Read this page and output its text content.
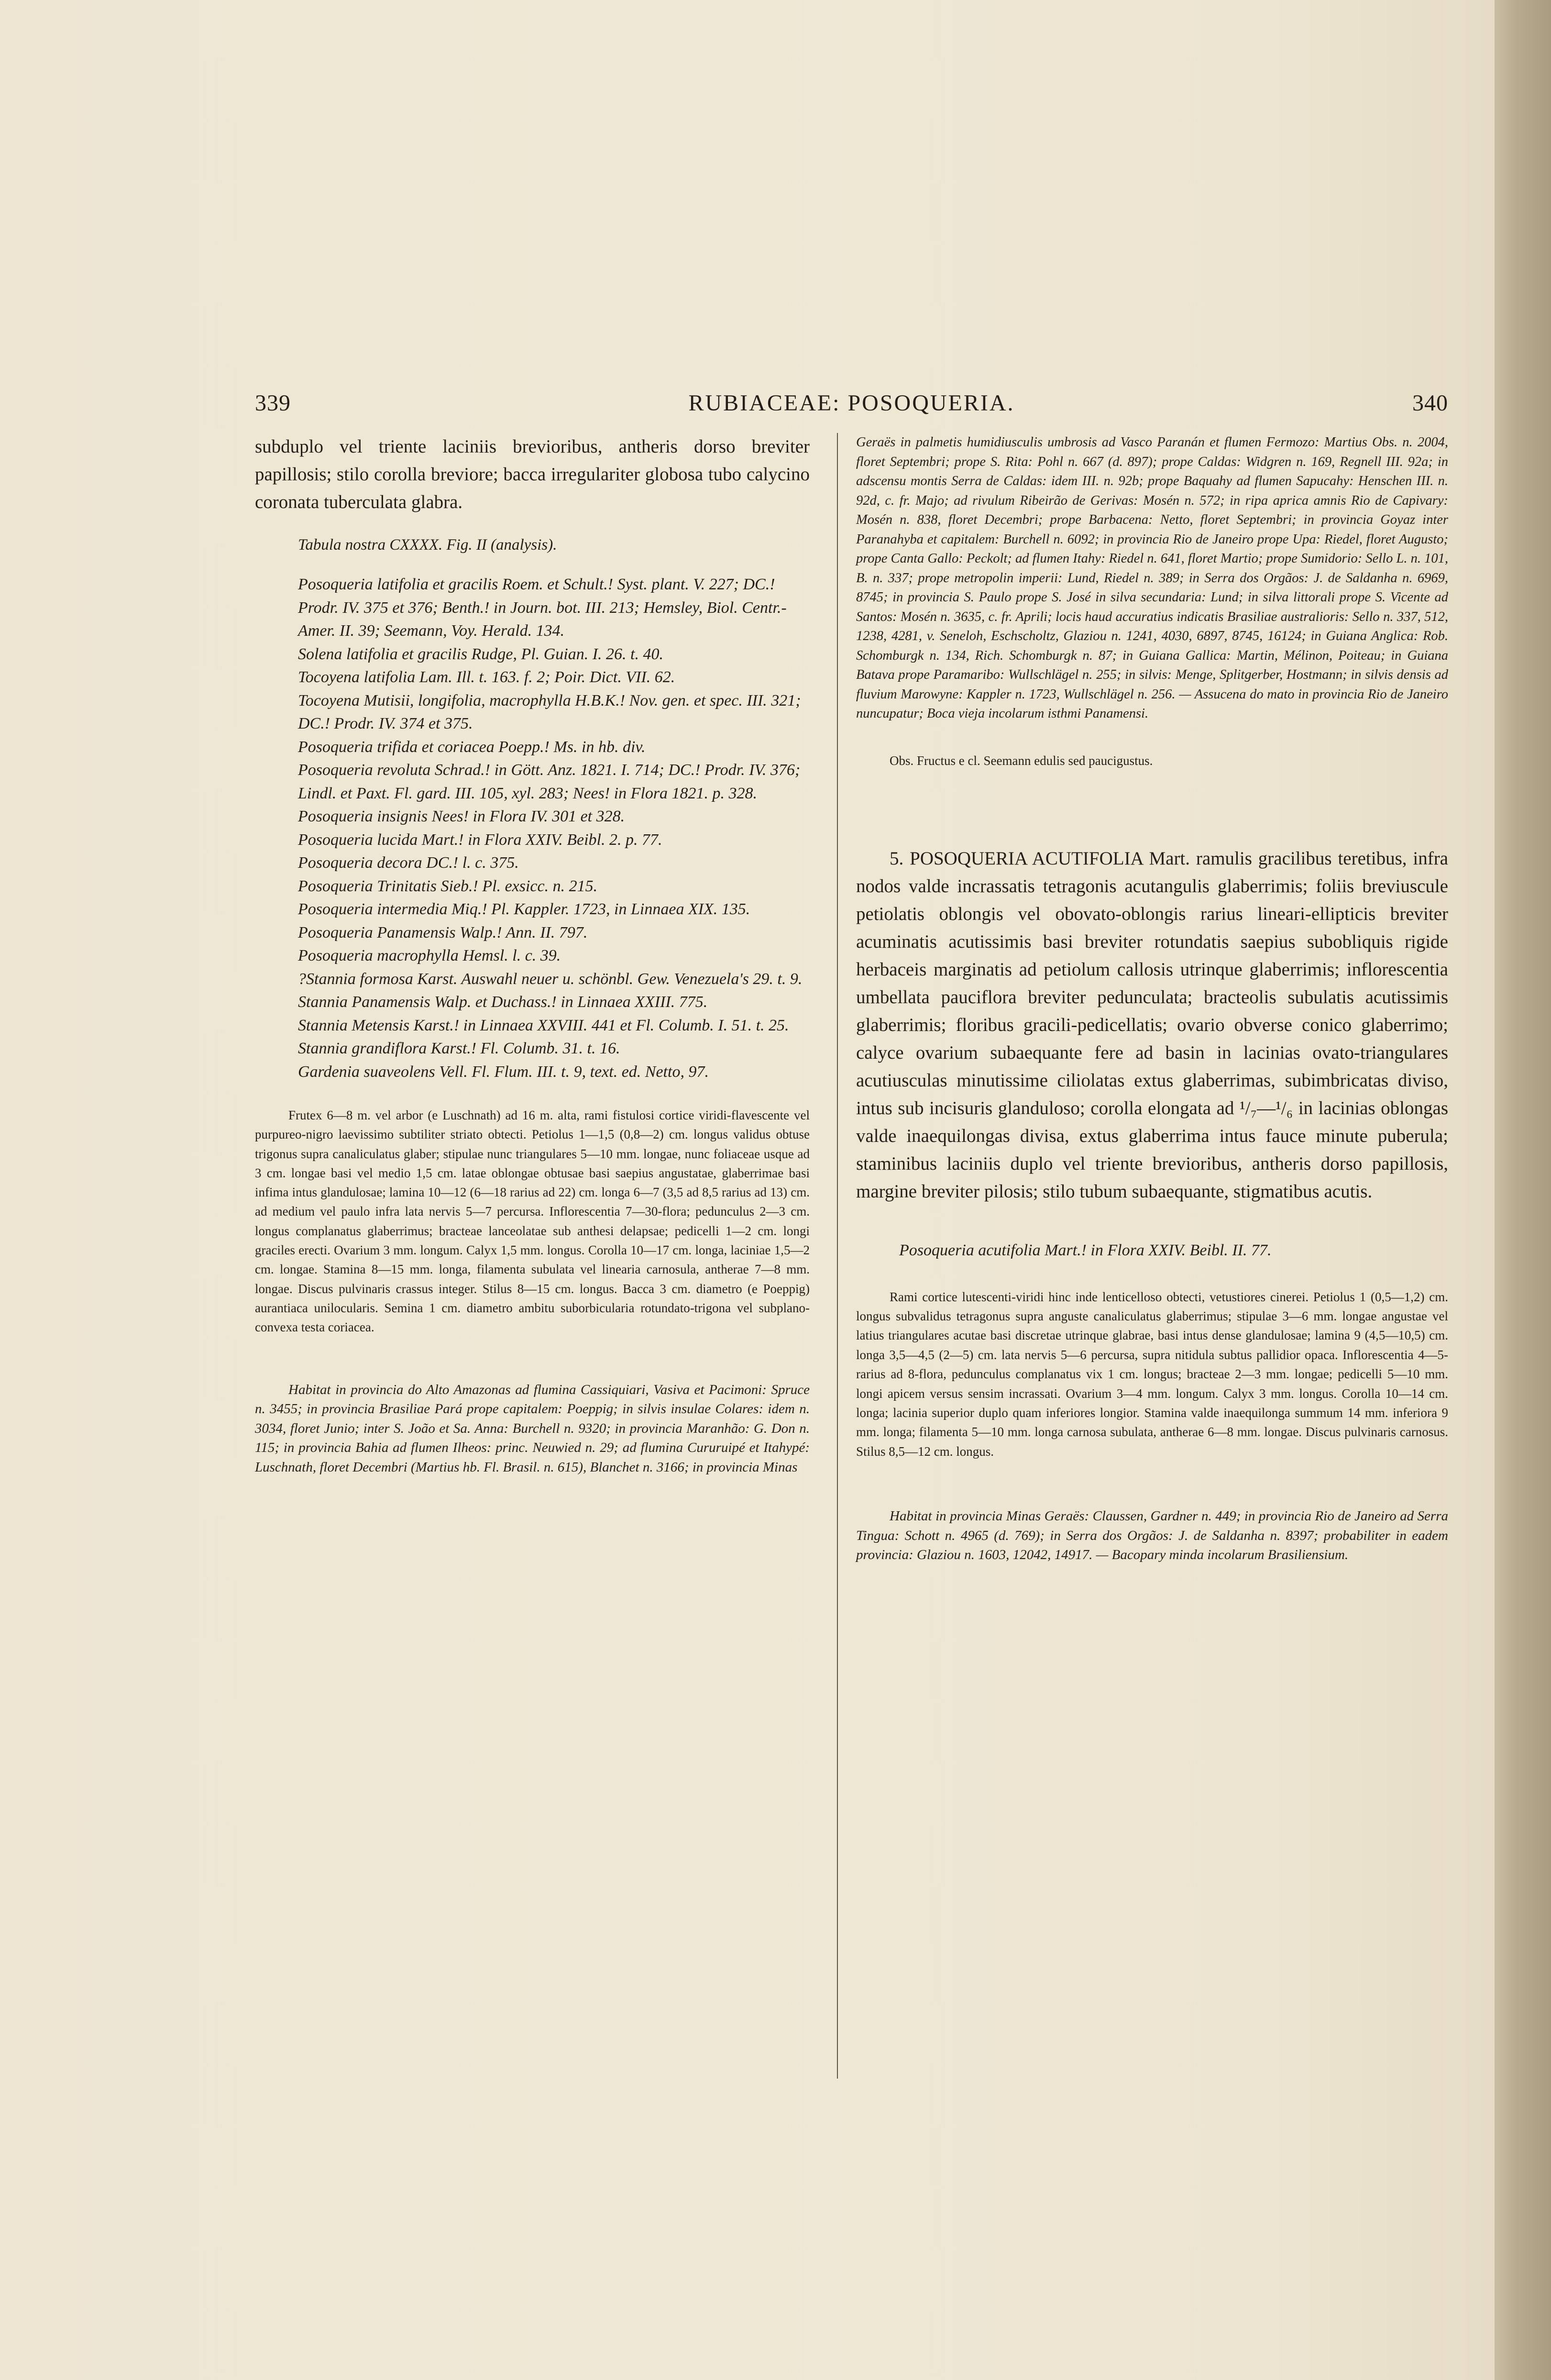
339	RUBIACEAE: POSOQUERIA.	340

subduplo vel triente laciniis brevioribus, antheris dorso breviter papillosis; stilo corolla breviore; bacca irregulariter globosa tubo calycino coronata tuberculata glabra.

Tabula nostra CXXXX. Fig. II (analysis).

Posoqueria latifolia et gracilis Roem. et Schult.! Syst. plant. V. 227; DC.! Prodr. IV. 375 et 376; Benth.! in Journ. bot. III. 213; Hemsley, Biol. Centr.-Amer. II. 39; Seemann, Voy. Herald. 134.
Solena latifolia et gracilis Rudge, Pl. Guian. I. 26. t. 40.
Tocoyena latifolia Lam. Ill. t. 163. f. 2; Poir. Dict. VII. 62.
Tocoyena Mutisii, longifolia, macrophylla H.B.K.! Nov. gen. et spec. III. 321; DC.! Prodr. IV. 374 et 375.
Posoqueria trifida et coriacea Poepp.! Ms. in hb. div.
Posoqueria revoluta Schrad.! in Gött. Anz. 1821. I. 714; DC.! Prodr. IV. 376; Lindl. et Paxt. Fl. gard. III. 105, xyl. 283; Nees! in Flora 1821. p. 328.
Posoqueria insignis Nees! in Flora IV. 301 et 328.
Posoqueria lucida Mart.! in Flora XXIV. Beibl. 2. p. 77.
Posoqueria decora DC.! l. c. 375.
Posoqueria Trinitatis Sieb.! Pl. exsicc. n. 215.
Posoqueria intermedia Miq.! Pl. Kappler. 1723, in Linnaea XIX. 135.
Posoqueria Panamensis Walp.! Ann. II. 797.
Posoqueria macrophylla Hemsl. l. c. 39.
?Stannia formosa Karst. Auswahl neuer u. schönbl. Gew. Venezuela's 29. t. 9.
Stannia Panamensis Walp. et Duchass.! in Linnaea XXIII. 775.
Stannia Metensis Karst.! in Linnaea XXVIII. 441 et Fl. Columb. I. 51. t. 25.
Stannia grandiflora Karst.! Fl. Columb. 31. t. 16.
Gardenia suaveolens Vell. Fl. Flum. III. t. 9, text. ed. Netto, 97.

Frutex 6—8 m. vel arbor (e Luschnath) ad 16 m. alta, rami fistulosi cortice viridi-flavescente vel purpureo-nigro laevissimo subtiliter striato obtecti. Petiolus 1—1,5 (0,8—2) cm. longus validus obtuse trigonus supra canaliculatus glaber; stipulae nunc triangulares 5—10 mm. longae, nunc foliaceae usque ad 3 cm. longae basi vel medio 1,5 cm. latae oblongae obtusae basi saepius angustatae, glaberrimae basi infima intus glandulosae; lamina 10—12 (6—18 rarius ad 22) cm. longa 6—7 (3,5 ad 8,5 rarius ad 13) cm. ad medium vel paulo infra lata nervis 5—7 percursa. Inflorescentia 7—30-flora; pedunculus 2—3 cm. longus complanatus glaberrimus; bracteae lanceolatae sub anthesi delapsae; pedicelli 1—2 cm. longi graciles erecti. Ovarium 3 mm. longum. Calyx 1,5 mm. longus. Corolla 10—17 cm. longa, laciniae 1,5—2 cm. longae. Stamina 8—15 mm. longa, filamenta subulata vel linearia carnosula, antherae 7—8 mm. longae. Discus pulvinaris crassus integer. Stilus 8—15 cm. longus. Bacca 3 cm. diametro (e Poeppig) aurantiaca unilocularis. Semina 1 cm. diametro ambitu suborbicularia rotundato-trigona vel subplano-convexa testa coriacea.

Habitat in provincia do Alto Amazonas ad flumina Cassiquiari, Vasiva et Pacimoni: Spruce n. 3455; in provincia Brasiliae Pará prope capitalem: Poeppig; in silvis insulae Colares: idem n. 3034, floret Junio; inter S. João et Sa. Anna: Burchell n. 9320; in provincia Maranhão: G. Don n. 115; in provincia Bahia ad flumen Ilheos: princ. Neuwied n. 29; ad flumina Cururuipé et Itahypé: Luschnath, floret Decembri (Martius hb. Fl. Brasil. n. 615), Blanchet n. 3166; in provincia Minas

Geraës in palmetis humidiusculis umbrosis ad Vasco Paranán et flumen Fermozo: Martius Obs. n. 2004, floret Septembri; prope S. Rita: Pohl n. 667 (d. 897); prope Caldas: Widgren n. 169, Regnell III. 92a; in adscensu montis Serra de Caldas: idem III. n. 92b; prope Baquahy ad flumen Sapucahy: Henschen III. n. 92d, c. fr. Majo; ad rivulum Ribeirão de Gerivas: Mosén n. 572; in ripa aprica amnis Rio de Capivary: Mosén n. 838, floret Decembri; prope Barbacena: Netto, floret Septembri; in provincia Goyaz inter Paranahyba et capitalem: Burchell n. 6092; in provincia Rio de Janeiro prope Upa: Riedel, floret Augusto; prope Canta Gallo: Peckolt; ad flumen Itahy: Riedel n. 641, floret Martio; prope Sumidorio: Sello L. n. 101, B. n. 337; prope metropolin imperii: Lund, Riedel n. 389; in Serra dos Orgãos: J. de Saldanha n. 6969, 8745; in provincia S. Paulo prope S. José in silva secundaria: Lund; in silva littorali prope S. Vicente ad Santos: Mosén n. 3635, c. fr. Aprili; locis haud accuratius indicatis Brasiliae australioris: Sello n. 337, 512, 1238, 4281, v. Seneloh, Eschscholtz, Glaziou n. 1241, 4030, 6897, 8745, 16124; in Guiana Anglica: Rob. Schomburgk n. 134, Rich. Schomburgk n. 87; in Guiana Gallica: Martin, Mélinon, Poiteau; in Guiana Batava prope Paramaribo: Wullschlägel n. 255; in silvis: Menge, Splitgerber, Hostmann; in silvis densis ad fluvium Marowyne: Kappler n. 1723, Wullschlägel n. 256. — Assucena do mato in provincia Rio de Janeiro nuncupatur; Boca vieja incolarum isthmi Panamensi.

Obs. Fructus e cl. Seemann edulis sed paucigustus.

5. POSOQUERIA ACUTIFOLIA Mart. ramulis gracilibus teretibus, infra nodos valde incrassatis tetragonis acutangulis glaberrimis; foliis breviuscule petiolatis oblongis vel obovato-oblongis rarius lineari-ellipticis breviter acuminatis acutissimis basi breviter rotundatis saepius subobliquis rigide herbaceis marginatis ad petiolum callosis utrinque glaberrimis; inflorescentia umbellata pauciflora breviter pedunculata; bracteolis subulatis acutissimis glaberrimis; floribus gracili-pedicellatis; ovario obverse conico glaberrimo; calyce ovarium subaequante fere ad basin in lacinias ovato-triangulares acutiusculas minutissime ciliolatas extus glaberrimas, subimbricatas diviso, intus sub incisuris glanduloso; corolla elongata ad ¹/₇—¹/₆ in lacinias oblongas valde inaequilongas divisa, extus glaberrima intus fauce minute puberula; staminibus laciniis duplo vel triente brevioribus, antheris dorso papillosis, margine breviter pilosis; stilo tubum subaequante, stigmatibus acutis.

Posoqueria acutifolia Mart.! in Flora XXIV. Beibl. II. 77.

Rami cortice lutescenti-viridi hinc inde lenticelloso obtecti, vetustiores cinerei. Petiolus 1 (0,5—1,2) cm. longus subvalidus tetragonus supra anguste canaliculatus glaberrimus; stipulae 3—6 mm. longae angustae vel latius triangulares acutae basi discretae utrinque glabrae, basi intus dense glandulosae; lamina 9 (4,5—10,5) cm. longa 3,5—4,5 (2—5) cm. lata nervis 5—6 percursa, supra nitidula subtus pallidior opaca. Inflorescentia 4—5- rarius ad 8-flora, pedunculus complanatus vix 1 cm. longus; bracteae 2—3 mm. longae; pedicelli 5—10 mm. longi apicem versus sensim incrassati. Ovarium 3—4 mm. longum. Calyx 3 mm. longus. Corolla 10—14 cm. longa; lacinia superior duplo quam inferiores longior. Stamina valde inaequilonga summum 14 mm. inferiora 9 mm. longa; filamenta 5—10 mm. longa carnosa subulata, antherae 6—8 mm. longae. Discus pulvinaris carnosus. Stilus 8,5—12 cm. longus.

Habitat in provincia Minas Geraës: Claussen, Gardner n. 449; in provincia Rio de Janeiro ad Serra Tingua: Schott n. 4965 (d. 769); in Serra dos Orgãos: J. de Saldanha n. 8397; probabiliter in eadem provincia: Glaziou n. 1603, 12042, 14917. — Bacopary minda incolarum Brasiliensium.
